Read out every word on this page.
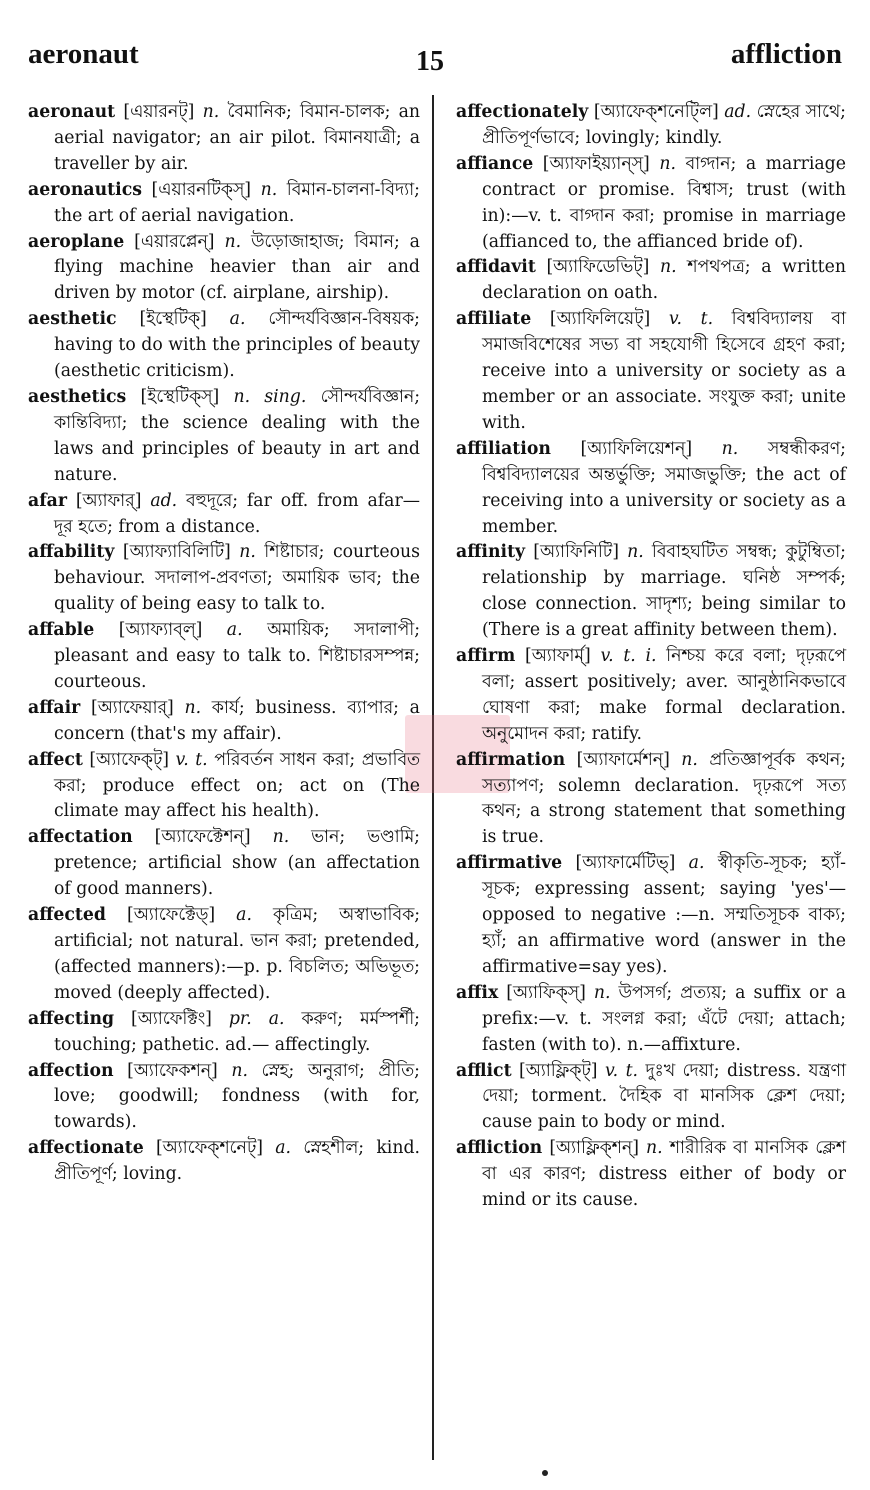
aeronaut	15	affliction
aeronaut [এয়ারনট্] n. বৈমানিক; বিমান-চালক; an aerial navigator; an air pilot. বিমানযাত্রী; a traveller by air.
aeronautics [এয়ারনটিক্স্] n. বিমান-চালনা-বিদ্যা; the art of aerial navigation.
aeroplane [এয়ারপ্লেন্] n. উড়োজাহাজ; বিমান; a flying machine heavier than air and driven by motor (cf. airplane, airship).
aesthetic [ইস্থেটিক্] a. সৌন্দর্যবিজ্ঞান-বিষয়ক; having to do with the principles of beauty (aesthetic criticism).
aesthetics [ইস্থেটিক্স্] n. sing. সৌন্দর্যবিজ্ঞান; কান্তিবিদ্যা; the science dealing with the laws and principles of beauty in art and nature.
afar [অ্যাফার্] ad. বহুদূরে; far off. from afar— দূর হতে; from a distance.
affability [অ্যাফ্যাবিলিটি] n. শিষ্টাচার; courteous behaviour. সদালাপ-প্রবণতা; অমায়িক ভাব; the quality of being easy to talk to.
affable [অ্যাফ্যাব্ল্] a. অমায়িক; সদালাপী; pleasant and easy to talk to. শিষ্টাচারসম্পন্ন; courteous.
affair [অ্যাফেয়ার্] n. কার্য; business. ব্যাপার; a concern (that's my affair).
affect [অ্যাফেক্ট্] v. t. পরিবর্তন সাধন করা; প্রভাবিত করা; produce effect on; act on (The climate may affect his health).
affectation [অ্যাফেক্টেশন্] n. ভান; ভণ্ডামি; pretence; artificial show (an affectation of good manners).
affected [অ্যাফেক্টেড্] a. কৃত্রিম; অস্বাভাবিক; artificial; not natural. ভান করা; pretended, (affected manners):—p. p. বিচলিত; অভিভূত; moved (deeply affected).
affecting [অ্যাফেক্টিং] pr. a. করুণ; মর্মস্পর্শী; touching; pathetic. ad.— affectingly.
affection [অ্যাফেকশন্] n. স্নেহ; অনুরাগ; প্রীতি; love; goodwill; fondness (with for, towards).
affectionate [অ্যাফেক্শনেট্] a. স্নেহশীল; kind. প্রীতিপূর্ণ; loving.
affectionately [অ্যাফেক্শনেট্লি] ad. স্নেহের সাথে; প্রীতিপূর্ণভাবে; lovingly; kindly.
affiance [অ্যাফাইয়্যান্স্] n. বাগ্দান; a marriage contract or promise. বিশ্বাস; trust (with in):—v. t. বাগ্দান করা; promise in marriage (affianced to, the affianced bride of).
affidavit [অ্যাফিডেভিট্] n. শপথপত্র; a written declaration on oath.
affiliate [অ্যাফিলিয়েট্] v. t. বিশ্ববিদ্যালয় বা সমাজবিশেষের সভ্য বা সহযোগী হিসেবে গ্রহণ করা; receive into a university or society as a member or an associate. সংযুক্ত করা; unite with.
affiliation [অ্যাফিলিয়েশন্] n. সম্বন্ধীকরণ; বিশ্ববিদ্যালয়ের অন্তর্ভুক্তি; সমাজভুক্তি; the act of receiving into a university or society as a member.
affinity [অ্যাফিনিটি] n. বিবাহঘটিত সম্বন্ধ; কুটুম্বিতা; relationship by marriage. ঘনিষ্ঠ সম্পর্ক; close connection. সাদৃশ্য; being similar to (There is a great affinity between them).
affirm [অ্যাফার্ম্] v. t. i. নিশ্চয় করে বলা; দৃঢ়রূপে বলা; assert positively; aver. আনুষ্ঠানিকভাবে ঘোষণা করা; make formal declaration. অনুমোদন করা; ratify.
affirmation [অ্যাফার্মেশন্] n. প্রতিজ্ঞাপূর্বক কথন; সত্যাপণ; solemn declaration. দৃঢ়রূপে সত্য কথন; a strong statement that something is true.
affirmative [অ্যাফার্মেটিভ্] a. স্বীকৃতি-সূচক; হ্যাঁ-সূচক; expressing assent; saying 'yes'—opposed to negative :—n. সম্মতিসূচক বাক্য; হ্যাঁ; an affirmative word (answer in the affirmative=say yes).
affix [অ্যাফিক্স্] n. উপসর্গ; প্রত্যয়; a suffix or a prefix:—v. t. সংলগ্ন করা; এঁটে দেয়া; attach; fasten (with to). n.—affixture.
afflict [অ্যাফ্লিক্ট্] v. t. দুঃখ দেয়া; distress. যন্ত্রণা দেয়া; torment. দৈহিক বা মানসিক ক্লেশ দেয়া; cause pain to body or mind.
affliction [অ্যাফ্লিক্শন্] n. শারীরিক বা মানসিক ক্লেশ বা এর কারণ; distress either of body or mind or its cause.
